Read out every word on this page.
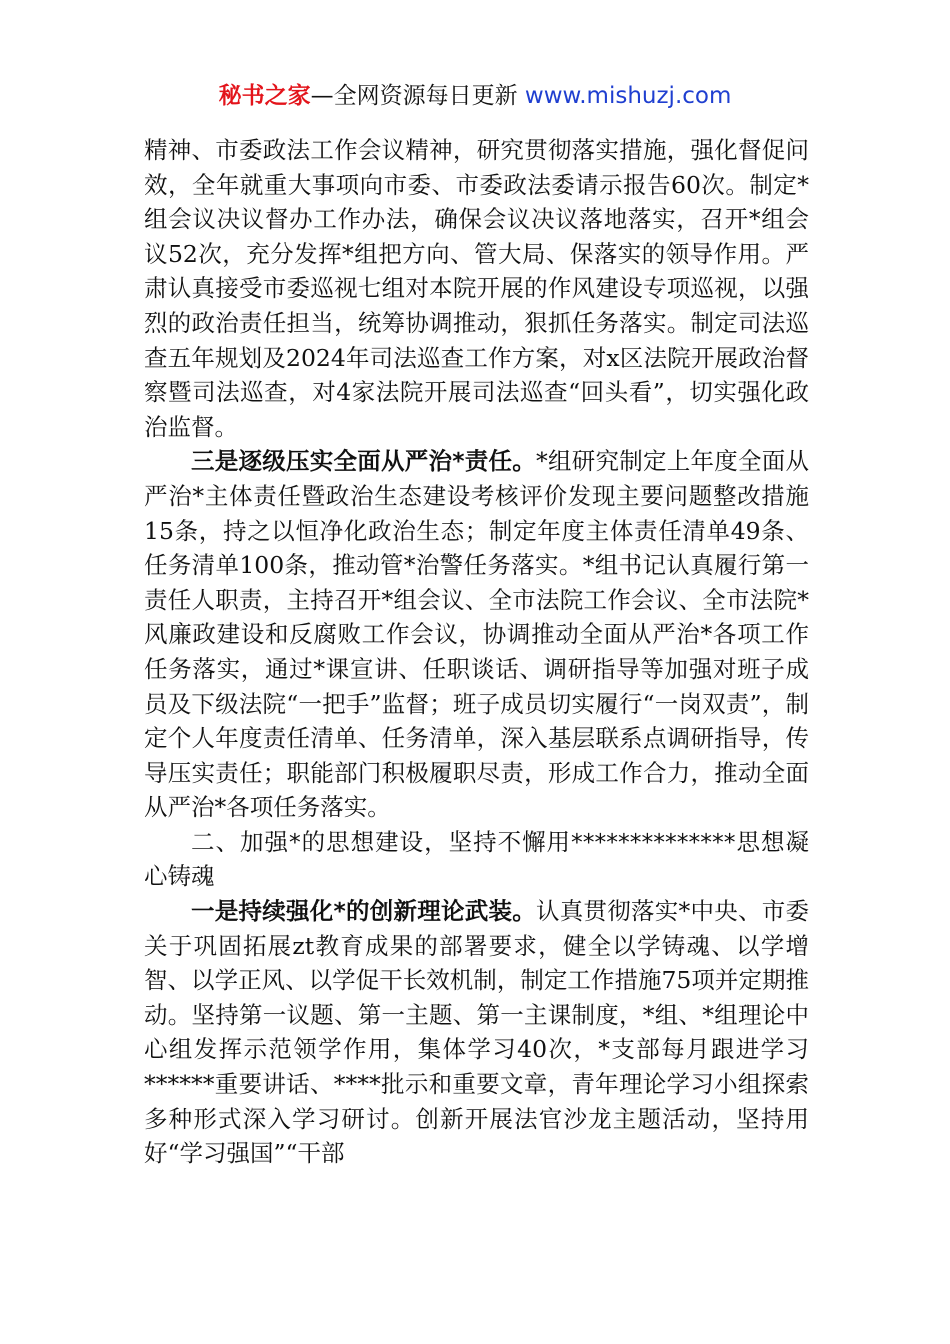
秘书之家—全网资源每日更新 www.mishuzj.com

精神、市委政法工作会议精神，研究贯彻落实措施，强化督促问效，全年就重大事项向市委、市委政法委请示报告60次。制定*组会议决议督办工作办法，确保会议决议落地落实，召开*组会议52次，充分发挥*组把方向、管大局、保落实的领导作用。严肃认真接受市委巡视七组对本院开展的作风建设专项巡视，以强烈的政治责任担当，统筹协调推动，狠抓任务落实。制定司法巡查五年规划及2024年司法巡查工作方案，对x区法院开展政治督察暨司法巡查，对4家法院开展司法巡查“回头看”，切实强化政治监督。

三是逐级压实全面从严治*责任。*组研究制定上年度全面从严治*主体责任暨政治生态建设考核评价发现主要问题整改措施15条，持之以恒净化政治生态；制定年度主体责任清单49条、任务清单100条，推动管*治警任务落实。*组书记认真履行第一责任人职责，主持召开*组会议、全市法院工作会议、全市法院*风廉政建设和反腐败工作会议，协调推动全面从严治*各项工作任务落实，通过*课宣讲、任职谈话、调研指导等加强对班子成员及下级法院“一把手”监督；班子成员切实履行“一岗双责”，制定个人年度责任清单、任务清单，深入基层联系点调研指导，传导压实责任；职能部门积极履职尽责，形成工作合力，推动全面从严治*各项任务落实。

二、加强*的思想建设，坚持不懈用**************思想凝心铸魂

一是持续强化*的创新理论武装。认真贯彻落实*中央、市委关于巩固拓展zt教育成果的部署要求，健全以学铸魂、以学增智、以学正风、以学促干长效机制，制定工作措施75项并定期推动。坚持第一议题、第一主题、第一主课制度，*组、*组理论中心组发挥示范领学作用，集体学习40次，*支部每月跟进学习******重要讲话、****批示和重要文章，青年理论学习小组探索多种形式深入学习研讨。创新开展法官沙龙主题活动，坚持用好“学习强国”“干部
